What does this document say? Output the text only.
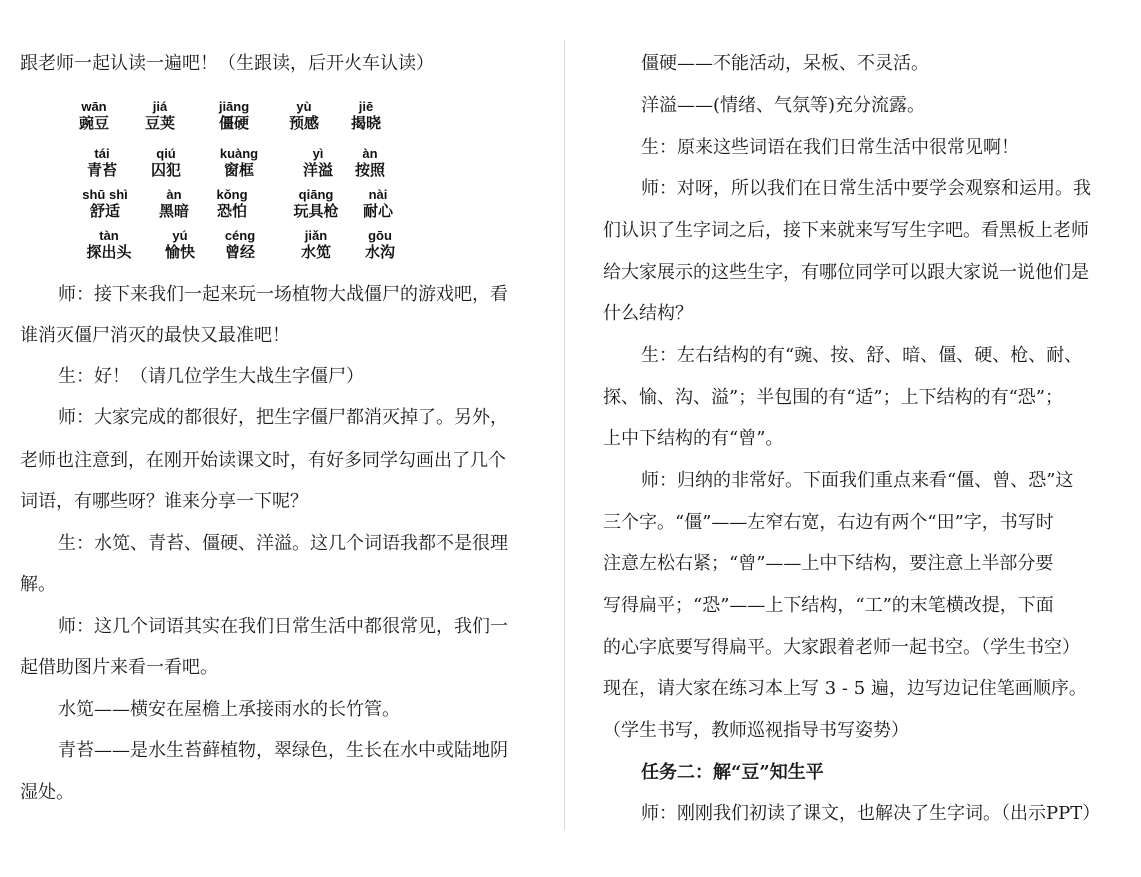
跟老师一起认读一遍吧！（生跟读，后开火车认读）
wān
豌豆
jiá
豆荚
jiāng
僵硬
yù
预感
jiē
揭晓
tái
青苔
qiú
囚犯
kuàng
窗框
yì
洋溢
àn
按照
shū shì
舒适
àn
黑暗
kǒng
恐怕
qiāng
玩具枪
nài
耐心
tàn
探出头
yú
愉快
céng
曾经
jiǎn
水笕
gōu
水沟
师：接下来我们一起来玩一场植物大战僵尸的游戏吧，看
谁消灭僵尸消灭的最快又最准吧！
生：好！（请几位学生大战生字僵尸）
师：大家完成的都很好，把生字僵尸都消灭掉了。另外，
老师也注意到，在刚开始读课文时，有好多同学勾画出了几个
词语，有哪些呀？谁来分享一下呢？
生：水笕、青苔、僵硬、洋溢。这几个词语我都不是很理
解。
师：这几个词语其实在我们日常生活中都很常见，我们一
起借助图片来看一看吧。
水笕——横安在屋檐上承接雨水的长竹管。
青苔——是水生苔藓植物，翠绿色，生长在水中或陆地阴
湿处。
僵硬——不能活动，呆板、不灵活。
洋溢——(情绪、气氛等)充分流露。
生：原来这些词语在我们日常生活中很常见啊！
师：对呀，所以我们在日常生活中要学会观察和运用。我
们认识了生字词之后，接下来就来写写生字吧。看黑板上老师
给大家展示的这些生字，有哪位同学可以跟大家说一说他们是
什么结构？
生：左右结构的有“豌、按、舒、暗、僵、硬、枪、耐、
探、愉、沟、溢”；半包围的有“适”；上下结构的有“恐”；
上中下结构的有“曾”。
师：归纳的非常好。下面我们重点来看“僵、曾、恐”这
三个字。“僵”——左窄右宽，右边有两个“田”字，书写时
注意左松右紧；“曾”——上中下结构，要注意上半部分要
写得扁平；“恐”——上下结构，“工”的末笔横改提，下面
的心字底要写得扁平。大家跟着老师一起书空。（学生书空）
现在，请大家在练习本上写 3 - 5 遍，边写边记住笔画顺序。
（学生书写，教师巡视指导书写姿势）
任务二：解“豆”知生平
师：刚刚我们初读了课文，也解决了生字词。（出示PPT）
